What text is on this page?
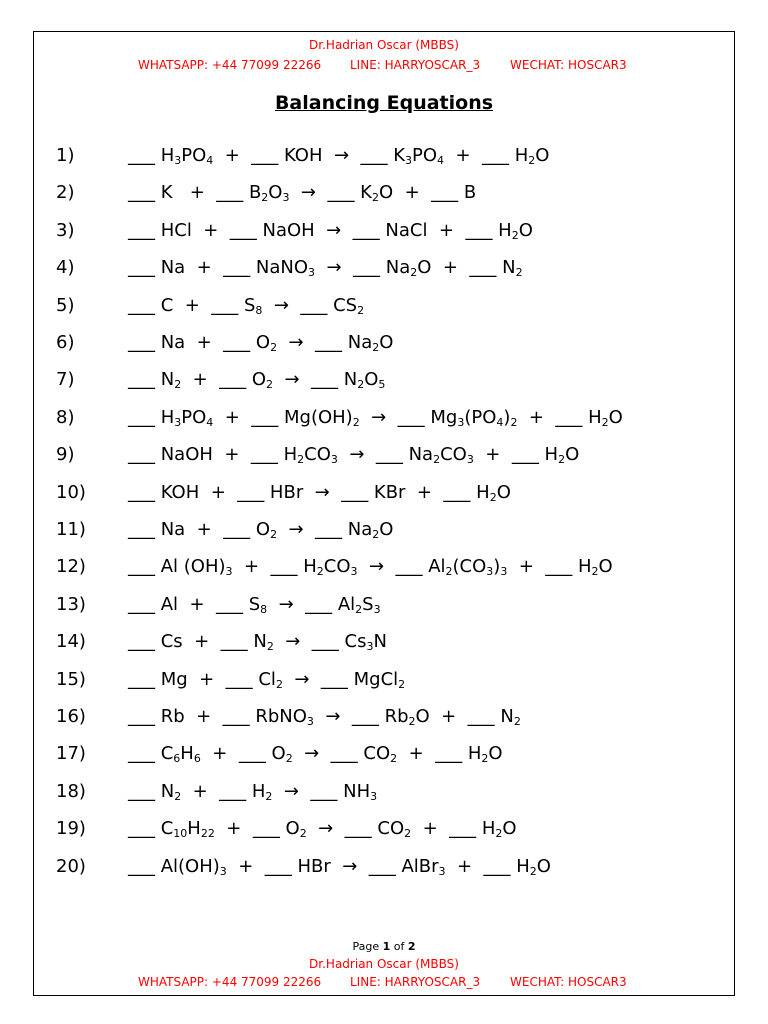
Dr.Hadrian Oscar (MBBS)
WHATSAPP: +44 77099 22266 LINE: HARRYOSCAR_3 WECHAT: HOSCAR3
Balancing Equations
1)	___ $H_3PO_4$  +  ___ KOH  →  ___ $K_3PO_4$  +  ___ $H_2O$
2)	___ K   +  ___ $B_2O_3$  →  ___ $K_2O$  +  ___ B
3)	___ HCl  +  ___ NaOH  →  ___ NaCl  +  ___ $H_2O$
4)	___ Na  +  ___ NaNO$_3$  →  ___ $Na_2O$  +  ___ $N_2$
5)	___ C  +  ___ $S_8$  →  ___ $CS_2$
6)	___ Na  +  ___ $O_2$  →  ___ $Na_2O$
7)	___ $N_2$  +  ___ $O_2$  →  ___ $N_2O_5$
8)	___ $H_3PO_4$  +  ___ $Mg(OH)_2$  →  ___ $Mg_3(PO_4)_2$  +  ___ $H_2O$
9)	___ NaOH  +  ___ $H_2CO_3$  →  ___ $Na_2CO_3$  +  ___ $H_2O$
10) ___ KOH  +  ___ HBr  →  ___ KBr  +  ___ $H_2O$
11) ___ Na  +  ___ $O_2$  →  ___ $Na_2O$
12) ___ Al $(OH)_3$  +  ___ $H_2CO_3$  →  ___ $Al_2(CO_3)_3$  +  ___ $H_2O$
13) ___ Al  +  ___ $S_8$  →  ___ $Al_2S_3$
14) ___ Cs  +  ___ $N_2$  →  ___ $Cs_3N$
15) ___ Mg  +  ___ $Cl_2$  →  ___ MgCl$_2$
16) ___ Rb  +  ___ RbNO$_3$  →  ___ $Rb_2O$  +  ___ $N_2$
17) ___ $C_6H_6$  +  ___ $O_2$  →  ___ $CO_2$  +  ___ $H_2O$
18) ___ $N_2$  +  ___ $H_2$  →  ___ $NH_3$
19) ___ $C_{10}H_{22}$  +  ___ $O_2$  →  ___ $CO_2$  +  ___ $H_2O$
20) ___ $Al(OH)_3$  +  ___ HBr  →  ___ AlBr$_3$  +  ___ $H_2O$
Page 1 of 2
Dr.Hadrian Oscar (MBBS)
WHATSAPP: +44 77099 22266 LINE: HARRYOSCAR_3 WECHAT: HOSCAR3
